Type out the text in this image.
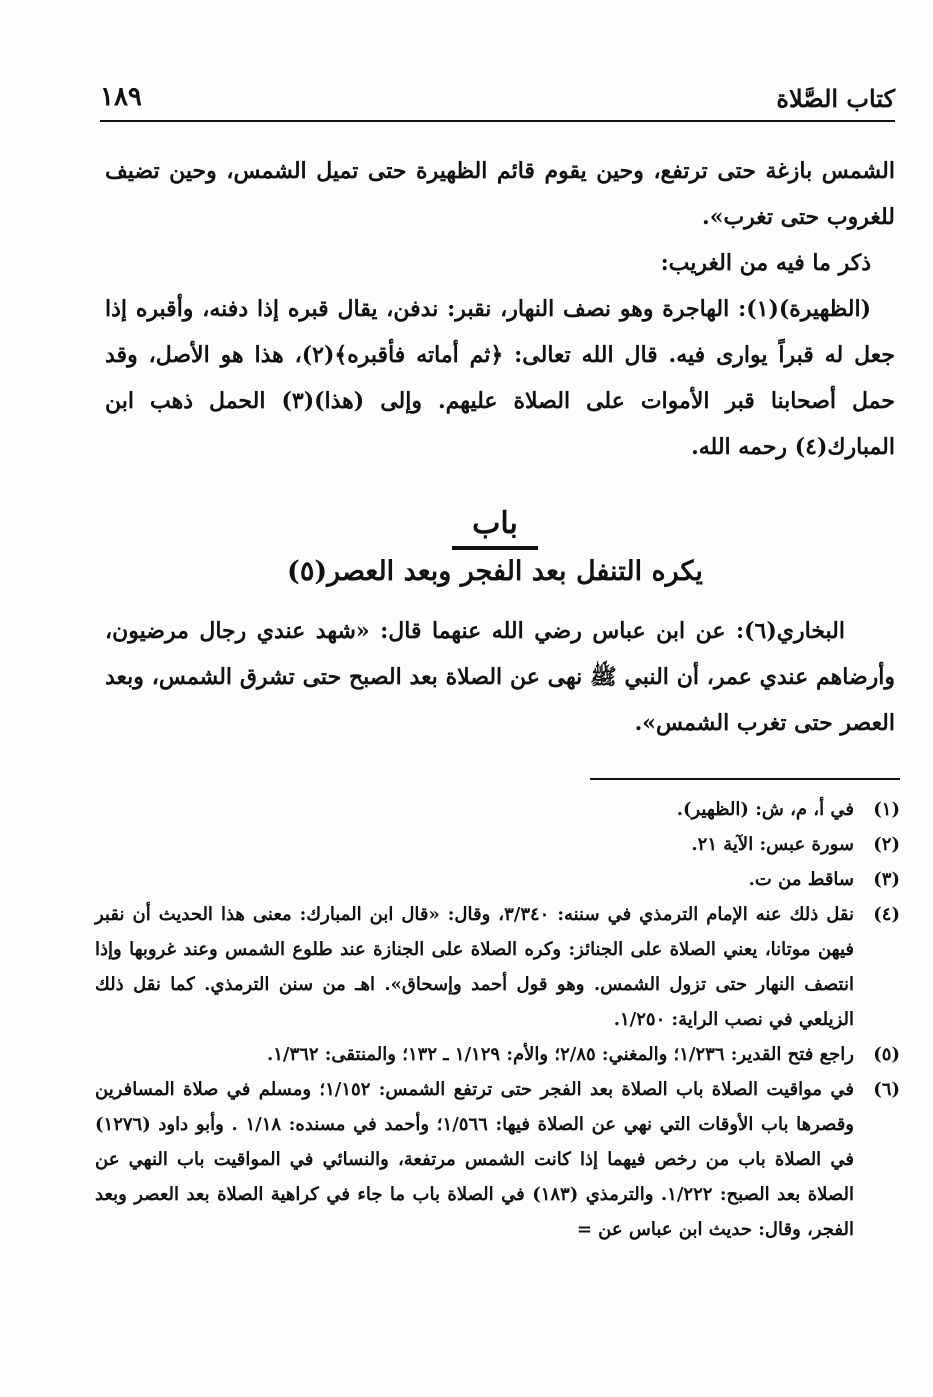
كتاب الصَّلاة
١٨٩

الشمس بازغة حتى ترتفع، وحين يقوم قائم الظهيرة حتى تميل الشمس، وحين تضيف للغروب حتى تغرب».

ذكر ما فيه من الغريب:

(الظهيرة)(١): الهاجرة وهو نصف النهار، نقبر: ندفن، يقال قبره إذا دفنه، وأقبره إذا جعل له قبراً يوارى فيه. قال الله تعالى: ﴿ثم أماته فأقبره﴾(٢)، هذا هو الأصل، وقد حمل أصحابنا قبر الأموات على الصلاة عليهم. وإلى (هذا)(٣) الحمل ذهب ابن المبارك(٤) رحمه الله.

باب
يكره التنفل بعد الفجر وبعد العصر(٥)

البخاري(٦): عن ابن عباس رضي الله عنهما قال: «شهد عندي رجال مرضيون، وأرضاهم عندي عمر، أن النبي ﷺ نهى عن الصلاة بعد الصبح حتى تشرق الشمس، وبعد العصر حتى تغرب الشمس».

(١)
في أ، م، ش: (الظهير).
(٢)
سورة عبس: الآية ٢١.
(٣)
ساقط من ت.
(٤)
نقل ذلك عنه الإمام الترمذي في سننه: ٣/٣٤٠، وقال: «قال ابن المبارك: معنى هذا الحديث أن نقبر فيهن موتانا، يعني الصلاة على الجنائز: وكره الصلاة على الجنازة عند طلوع الشمس وعند غروبها وإذا انتصف النهار حتى تزول الشمس. وهو قول أحمد وإسحاق». اهـ من سنن الترمذي. كما نقل ذلك الزيلعي في نصب الراية: ١/٢٥٠.
(٥)
راجع فتح القدير: ١/٢٣٦؛ والمغني: ٢/٨٥؛ والأم: ١/١٢٩ ـ ١٣٢؛ والمنتقى: ١/٣٦٢.
(٦)
في مواقيت الصلاة باب الصلاة بعد الفجر حتى ترتفع الشمس: ١/١٥٢؛ ومسلم في صلاة المسافرين وقصرها باب الأوقات التي نهي عن الصلاة فيها: ١/٥٦٦؛ وأحمد في مسنده: ١/١٨ . وأبو داود (١٢٧٦) في الصلاة باب من رخص فيهما إذا كانت الشمس مرتفعة، والنسائي في المواقيت باب النهي عن الصلاة بعد الصبح: ١/٢٢٢. والترمذي (١٨٣) في الصلاة باب ما جاء في كراهية الصلاة بعد العصر وبعد الفجر، وقال: حديث ابن عباس عن =
